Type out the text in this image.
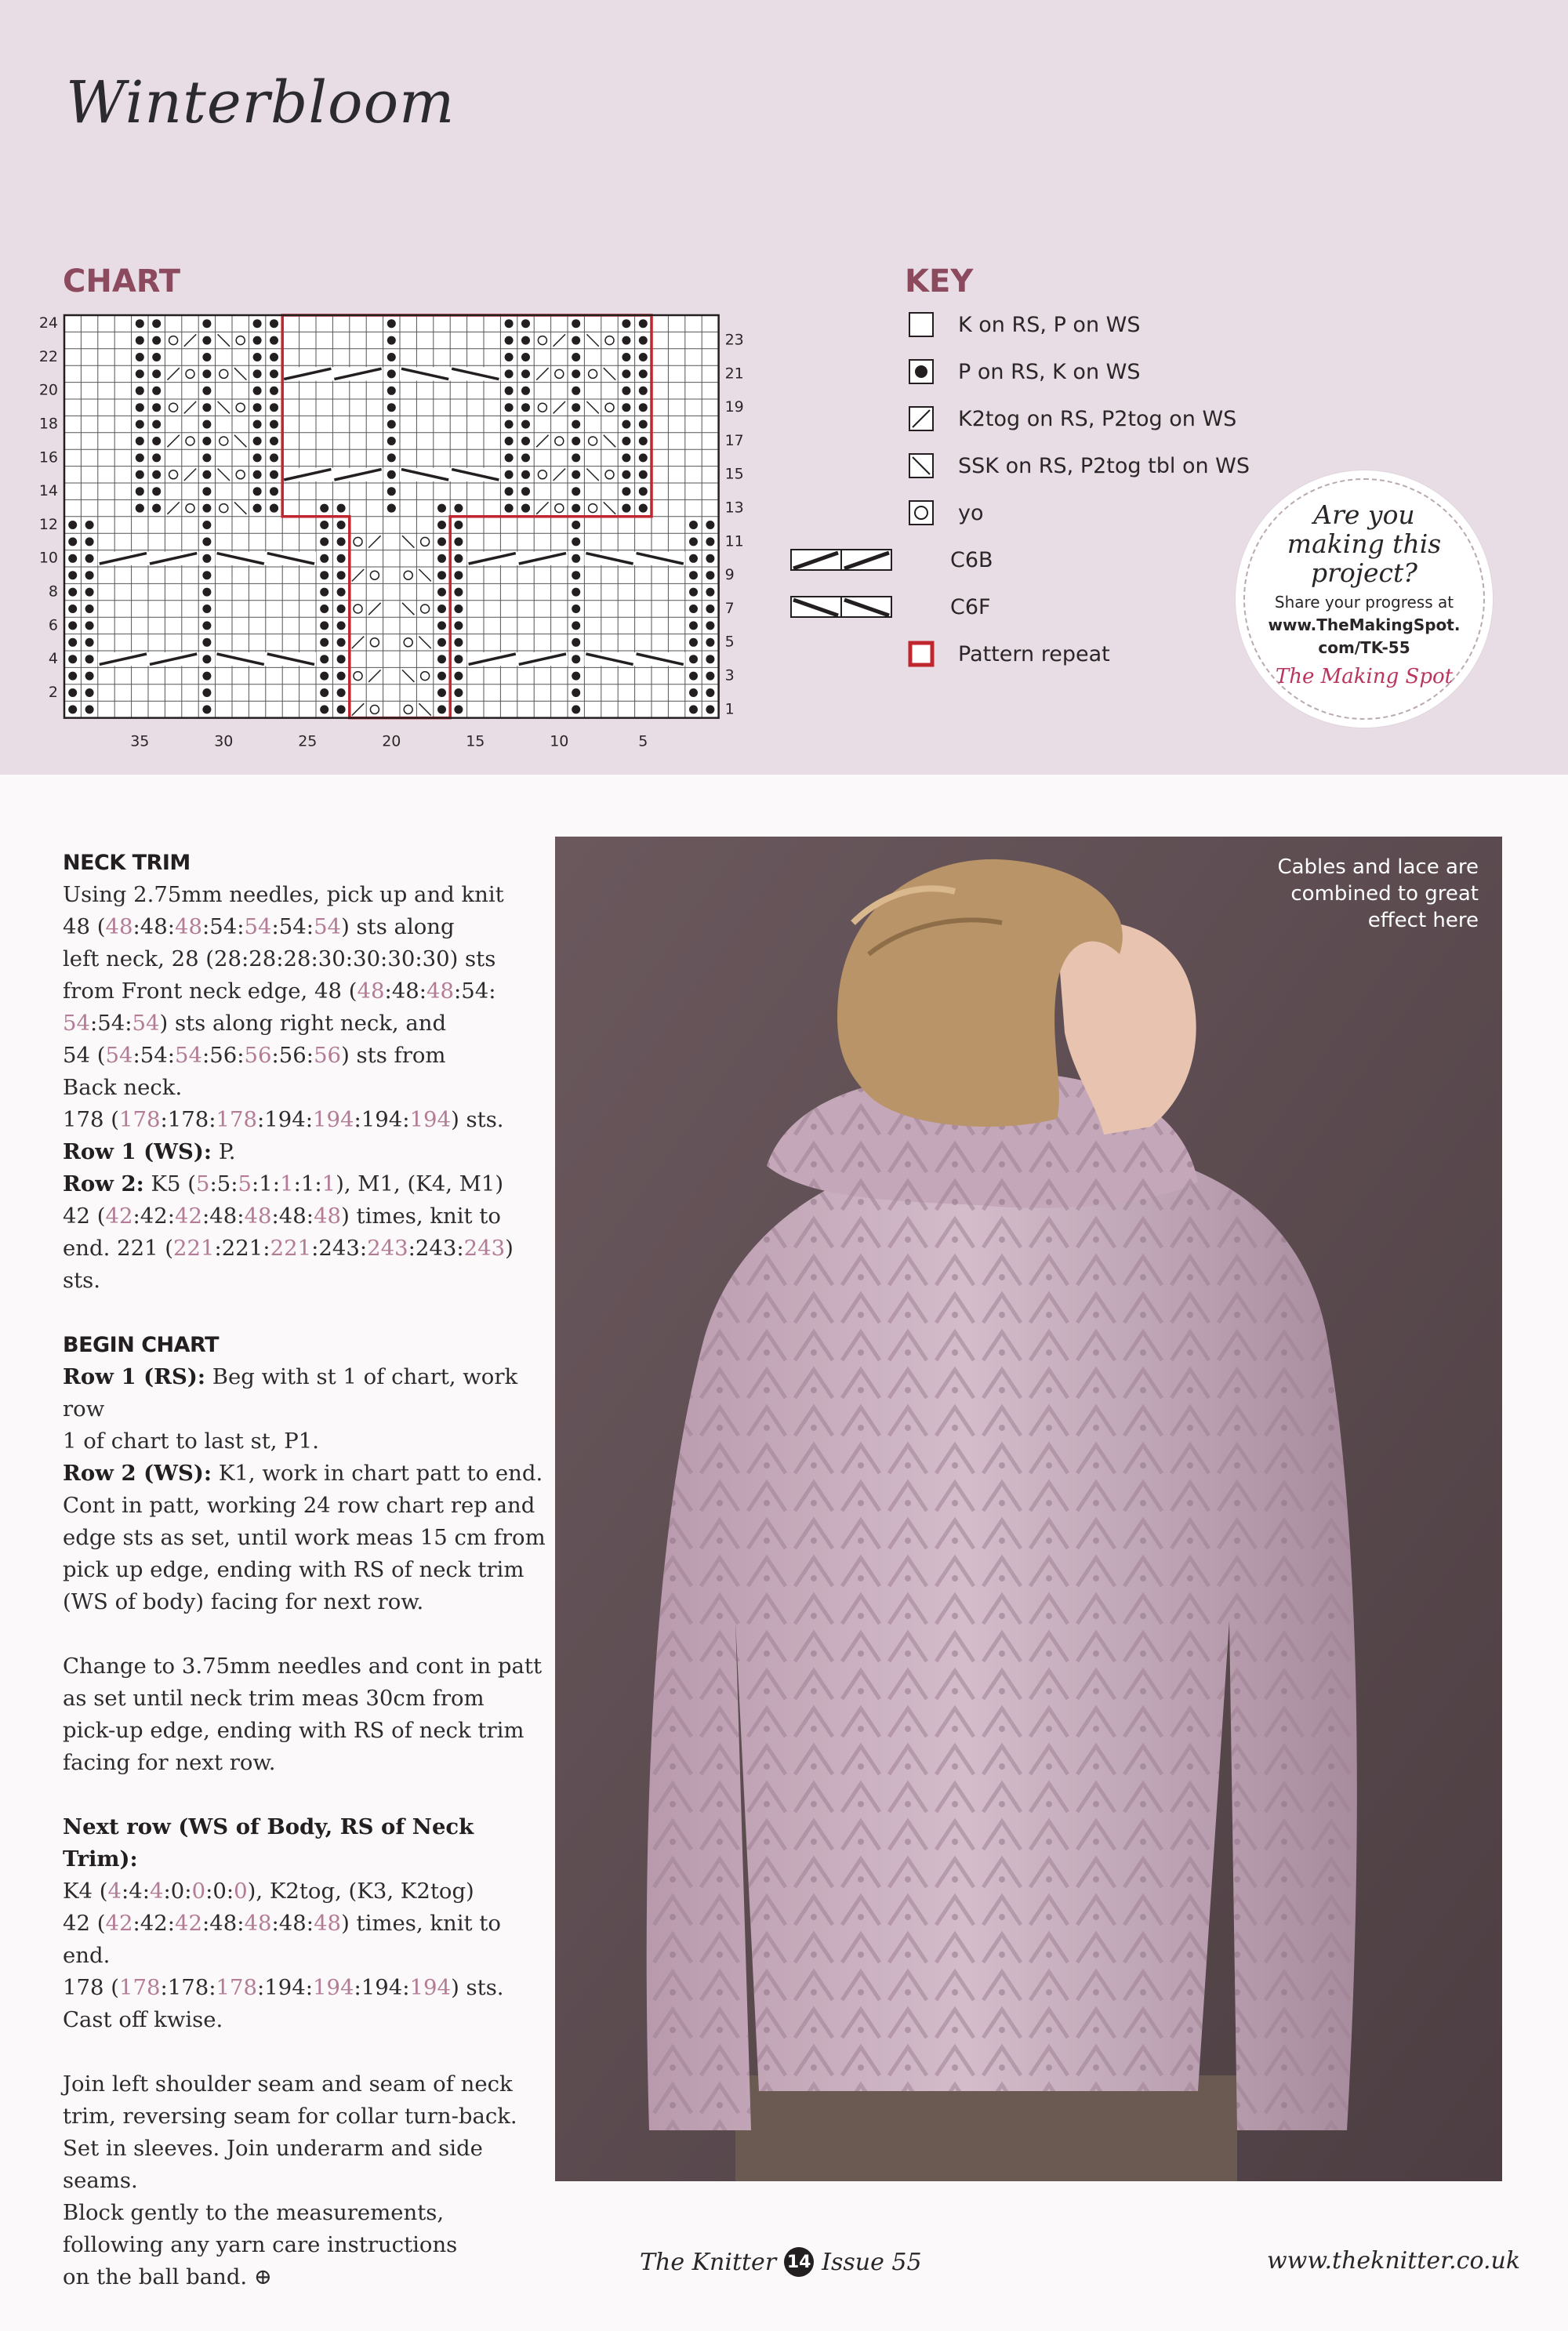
Winterbloom
CHART	KEY
24
22
20
18
16
14
12
10
8
6
4
2
23
21
19
17
15
13
11
9
7
5
3
1
35	30	25	20	15	10	5
K on RS, P on WS
P on RS, K on WS
K2tog on RS, P2tog on WS
SSK on RS, P2tog tbl on WS
yo
C6B
C6F
Pattern repeat
Are you
making this
project?
Share your progress at
www.TheMakingSpot.
com/TK-55
The Making Spot

NECK TRIM

Using 2.75mm needles, pick up and knit

48 (48:48:48:54:54:54:54) sts along

left neck, 28 (28:28:28:30:30:30:30) sts

from Front neck edge, 48 (48:48:48:54:

54:54:54) sts along right neck, and

54 (54:54:54:56:56:56:56) sts from

Back neck.

178 (178:178:178:194:194:194:194) sts.

Row 1 (WS): P.

Row 2: K5 (5:5:5:1:1:1:1), M1, (K4, M1)

42 (42:42:42:48:48:48:48) times, knit to

end. 221 (221:221:221:243:243:243:243) sts.

BEGIN CHART

Row 1 (RS): Beg with st 1 of chart, work row

1 of chart to last st, P1.

Row 2 (WS): K1, work in chart patt to end.

Cont in patt, working 24 row chart rep and

edge sts as set, until work meas 15 cm from

pick up edge, ending with RS of neck trim

(WS of body) facing for next row.

Change to 3.75mm needles and cont in patt

as set until neck trim meas 30cm from

pick-up edge, ending with RS of neck trim

facing for next row.

Next row (WS of Body, RS of Neck Trim):

K4 (4:4:4:0:0:0:0), K2tog, (K3, K2tog)

42 (42:42:42:48:48:48:48) times, knit to

end.

178 (178:178:178:194:194:194:194) sts.

Cast off kwise.

Join left shoulder seam and seam of neck

trim, reversing seam for collar turn-back.

Set in sleeves. Join underarm and side

seams.

Block gently to the measurements,

following any yarn care instructions

on the ball band. ⊕

Cables and lace are combined to great effect here
The Knitter 14 Issue 55	www.theknitter.co.uk
